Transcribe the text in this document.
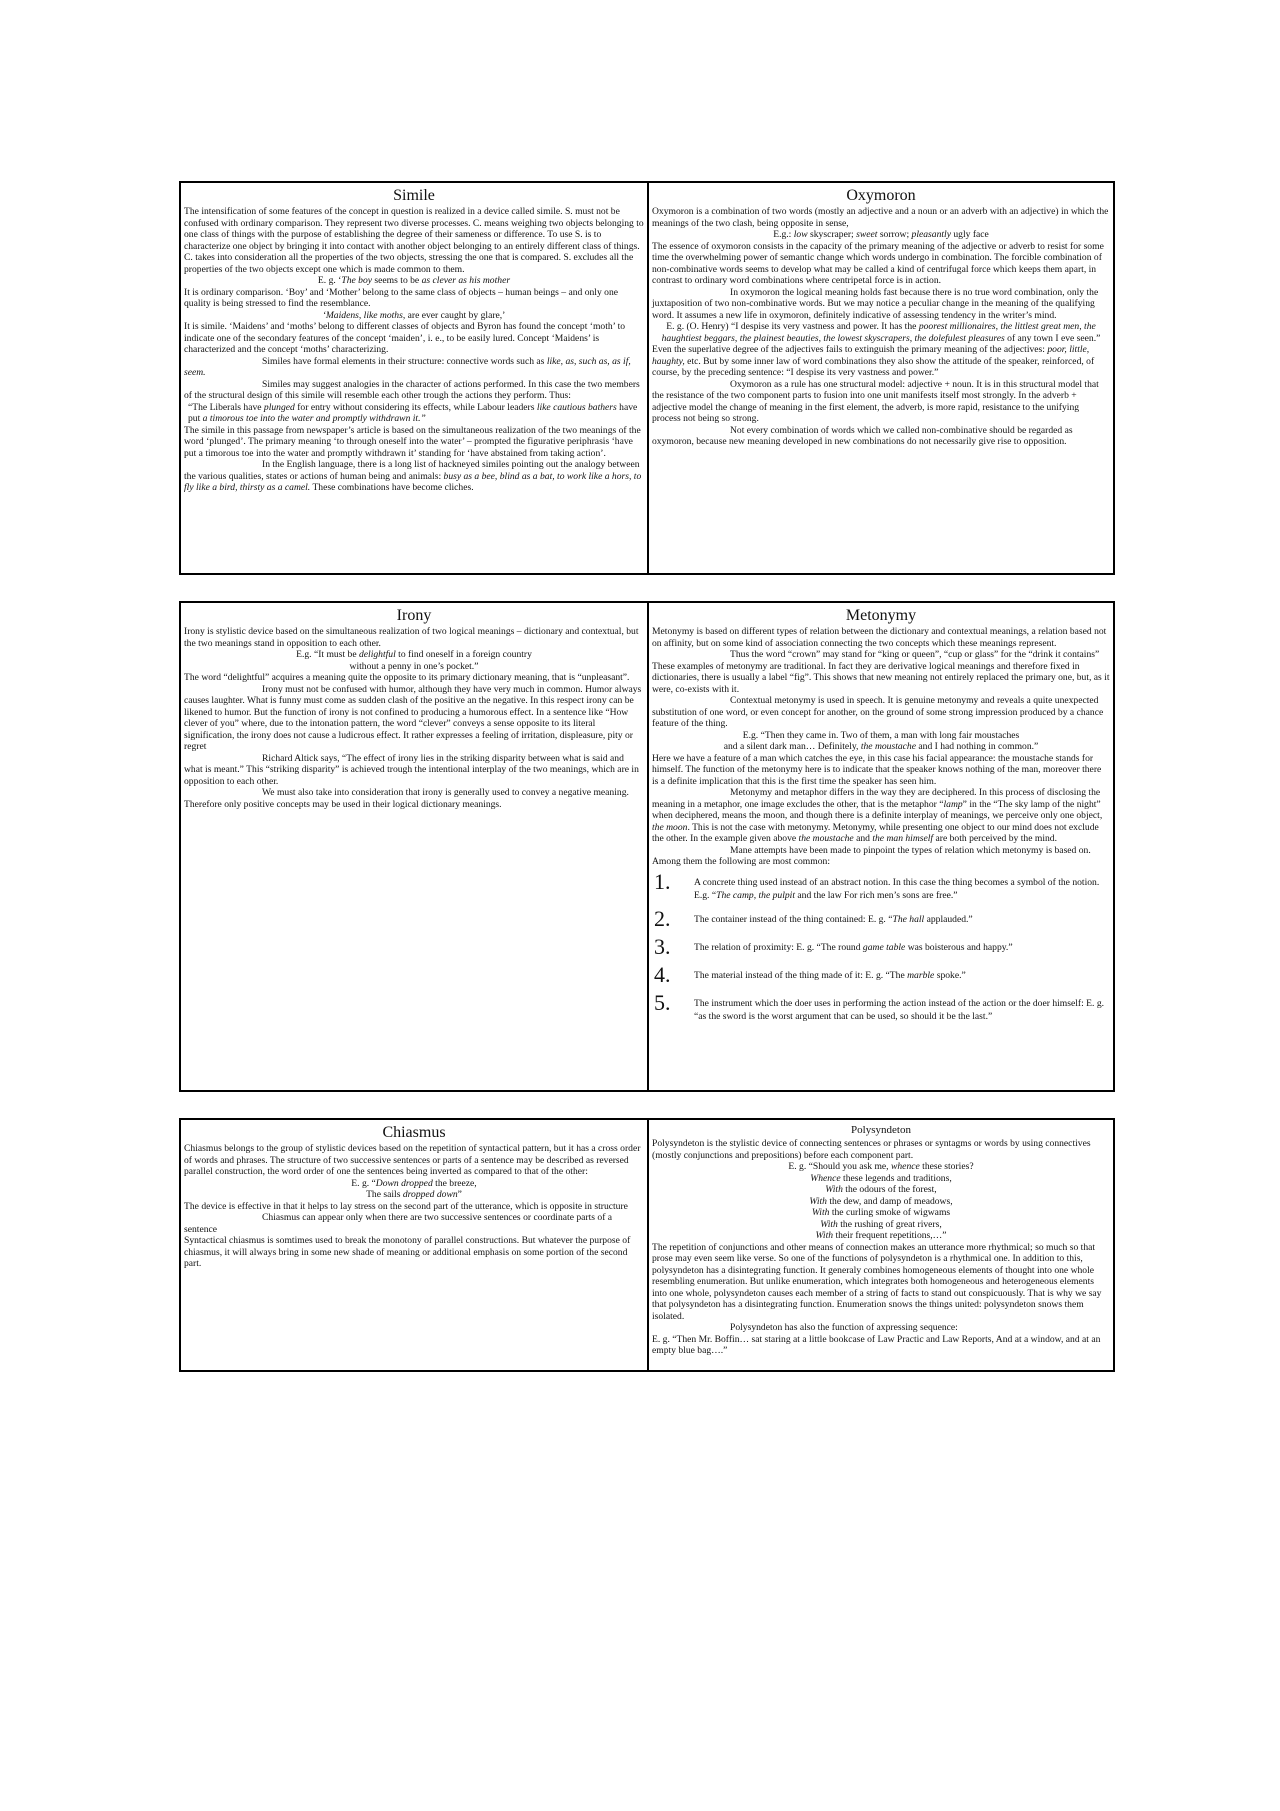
Simile

The intensification of some features of the concept in question is realized in a device called simile. S. must not be confused with ordinary comparison. They represent two diverse processes. C. means weighing two objects belonging to one class of things with the purpose of establishing the degree of their sameness or difference. To use S. is to characterize one object by bringing it into contact with another object belonging to an entirely different class of things. C. takes into consideration all the properties of the two objects, stressing the one that is compared. S. excludes all the properties of the two objects except one which is made common to them.

E. g. ‘The boy seems to be as clever as his mother

It is ordinary comparison. ‘Boy’ and ‘Mother’ belong to the same class of objects – human beings – and only one quality is being stressed to find the resemblance.

‘Maidens, like moths, are ever caught by glare,’

It is simile. ‘Maidens’ and ‘moths’ belong to different classes of objects and Byron has found the concept ‘moth’ to indicate one of the secondary features of the concept ‘maiden’, i. e., to be easily lured. Concept ‘Maidens’ is characterized and the concept ‘moths’ characterizing.

Similes have formal elements in their structure: connective words such as like, as, such as, as if, seem.

Similes may suggest analogies in the character of actions performed. In this case the two members of the structural design of this simile will resemble each other trough the actions they perform. Thus:

“The Liberals have plunged for entry without considering its effects, while Labour leaders like cautious bathers have put a timorous toe into the water and promptly withdrawn it.”

The simile in this passage from newspaper’s article is based on the simultaneous realization of the two meanings of the word ‘plunged’. The primary meaning ‘to through oneself into the water’ – prompted the figurative periphrasis ‘have put a timorous toe into the water and promptly withdrawn it’ standing for ‘have abstained from taking action’.

In the English language, there is a long list of hackneyed similes pointing out the analogy between the various qualities, states or actions of human being and animals: busy as a bee, blind as a bat, to work like a hors, to fly like a bird, thirsty as a camel. These combinations have become cliches.

Oxymoron

Oxymoron is a combination of two words (mostly an adjective and a noun or an adverb with an adjective) in which the meanings of the two clash, being opposite in sense,

E.g.: low skyscraper; sweet sorrow; pleasantly ugly face

The essence of oxymoron consists in the capacity of the primary meaning of the adjective or adverb to resist for some time the overwhelming power of semantic change which words undergo in combination. The forcible combination of non-combinative words seems to develop what may be called a kind of centrifugal force which keeps them apart, in contrast to ordinary word combinations where centripetal force is in action.

In oxymoron the logical meaning holds fast because there is no true word combination, only the juxtaposition of two non-combinative words. But we may notice a peculiar change in the meaning of the qualifying word. It assumes a new life in oxymoron, definitely indicative of assessing tendency in the writer’s mind.

E. g. (O. Henry) “I despise its very vastness and power. It has the poorest millionaires, the littlest great men, the haughtiest beggars, the plainest beauties, the lowest skyscrapers, the dolefulest pleasures of any town I eve seen.”

Even the superlative degree of the adjectives fails to extinguish the primary meaning of the adjectives: poor, little, haughty, etc. But by some inner law of word combinations they also show the attitude of the speaker, reinforced, of course, by the preceding sentence: “I despise its very vastness and power.”

Oxymoron as a rule has one structural model: adjective + noun. It is in this structural model that the resistance of the two component parts to fusion into one unit manifests itself most strongly. In the adverb + adjective model the change of meaning in the first element, the adverb, is more rapid, resistance to the unifying process not being so strong.

Not every combination of words which we called non-combinative should be regarded as oxymoron, because new meaning developed in new combinations do not necessarily give rise to opposition.

Irony

Irony is stylistic device based on the simultaneous realization of two logical meanings – dictionary and contextual, but the two meanings stand in opposition to each other.

E.g. “It must be delightful to find oneself in a foreign country

without a penny in one’s pocket.”

The word “delightful” acquires a meaning quite the opposite to its primary dictionary meaning, that is “unpleasant”.

Irony must not be confused with humor, although they have very much in common. Humor always causes laughter. What is funny must come as sudden clash of the positive an the negative. In this respect irony can be likened to humor. But the function of irony is not confined to producing a humorous effect. In a sentence like “How clever of you” where, due to the intonation pattern, the word “clever” conveys a sense opposite to its literal signification, the irony does not cause a ludicrous effect. It rather expresses a feeling of irritation, displeasure, pity or regret

Richard Altick says, “The effect of irony lies in the striking disparity between what is said and what is meant.” This “striking disparity” is achieved trough the intentional interplay of the two meanings, which are in opposition to each other.

We must also take into consideration that irony is generally used to convey a negative meaning. Therefore only positive concepts may be used in their logical dictionary meanings.

Metonymy

Metonymy is based on different types of relation between the dictionary and contextual meanings, a relation based not on affinity, but on some kind of association connecting the two concepts which these meanings represent.

Thus the word “crown” may stand for “king or queen”, “cup or glass” for the “drink it contains” These examples of metonymy are traditional. In fact they are derivative logical meanings and therefore fixed in dictionaries, there is usually a label “fig”. This shows that new meaning not entirely replaced the primary one, but, as it were, co-exists with it.

Contextual metonymy is used in speech. It is genuine metonymy and reveals a quite unexpected substitution of one word, or even concept for another, on the ground of some strong impression produced by a chance feature of the thing.

E.g. “Then they came in. Two of them, a man with long fair moustaches

and a silent dark man… Definitely, the moustache and I had nothing in common.”

Here we have a feature of a man which catches the eye, in this case his facial appearance: the moustache stands for himself. The function of the metonymy here is to indicate that the speaker knows nothing of the man, moreover there is a definite implication that this is the first time the speaker has seen him.

Metonymy and metaphor differs in the way they are deciphered. In this process of disclosing the meaning in a metaphor, one image excludes the other, that is the metaphor “lamp” in the “The sky lamp of the night” when deciphered, means the moon, and though there is a definite interplay of meanings, we perceive only one object, the moon. This is not the case with metonymy. Metonymy, while presenting one object to our mind does not exclude the other. In the example given above the moustache and the man himself are both perceived by the mind.

Mane attempts have been made to pinpoint the types of relation which metonymy is based on. Among them the following are most common:

1.	A concrete thing used instead of an abstract notion. In this case the thing becomes a symbol of the notion. E.g. “The camp, the pulpit and the law For rich men’s sons are free.”
2.	The container instead of the thing contained: E. g. “The hall applauded.”
3.	The relation of proximity: E. g. “The round game table was boisterous and happy.”
4.	The material instead of the thing made of it: E. g. “The marble spoke.”
5.	The instrument which the doer uses in performing the action instead of the action or the doer himself: E. g. “as the sword is the worst argument that can be used, so should it be the last.”
Chiasmus

Chiasmus belongs to the group of stylistic devices based on the repetition of syntactical pattern, but it has a cross order of words and phrases. The structure of two successive sentences or parts of a sentence may be described as reversed parallel construction, the word order of one the sentences being inverted as compared to that of the other:

E. g. “Down dropped the breeze,

The sails dropped down”

The device is effective in that it helps to lay stress on the second part of the utterance, which is opposite in structure

Chiasmus can appear only when there are two successive sentences or coordinate parts of a sentence

Syntactical chiasmus is somtimes used to break the monotony of parallel constructions. But whatever the purpose of chiasmus, it will always bring in some new shade of meaning or additional emphasis on some portion of the second part.

Polysyndeton

Polysyndeton is the stylistic device of connecting sentences or phrases or syntagms or words by using connectives (mostly conjunctions and prepositions) before each component part.

E. g. “Should you ask me, whence these stories?

Whence these legends and traditions,

With the odours of the forest,

With the dew, and damp of meadows,

With the curling smoke of wigwams

With the rushing of great rivers,

With their frequent repetitions,…”

The repetition of conjunctions and other means of connection makes an utterance more rhythmical; so much so that prose may even seem like verse. So one of the functions of polysyndeton is a rhythmical one. In addition to this, polysyndeton has a disintegrating function. It generaly combines homogeneous elements of thought into one whole resembling enumeration. But unlike enumeration, which integrates both homogeneous and heterogeneous elements into one whole, polysyndeton causes each member of a string of facts to stand out conspicuously. That is why we say that polysyndeton has a disintegrating function. Enumeration snows the things united: polysyndeton snows them isolated.

Polysyndeton has also the function of axpressing sequence:

E. g. “Then Mr. Boffin… sat staring at a little bookcase of Law Practic and Law Reports, And at a window, and at an empty blue bag….”
